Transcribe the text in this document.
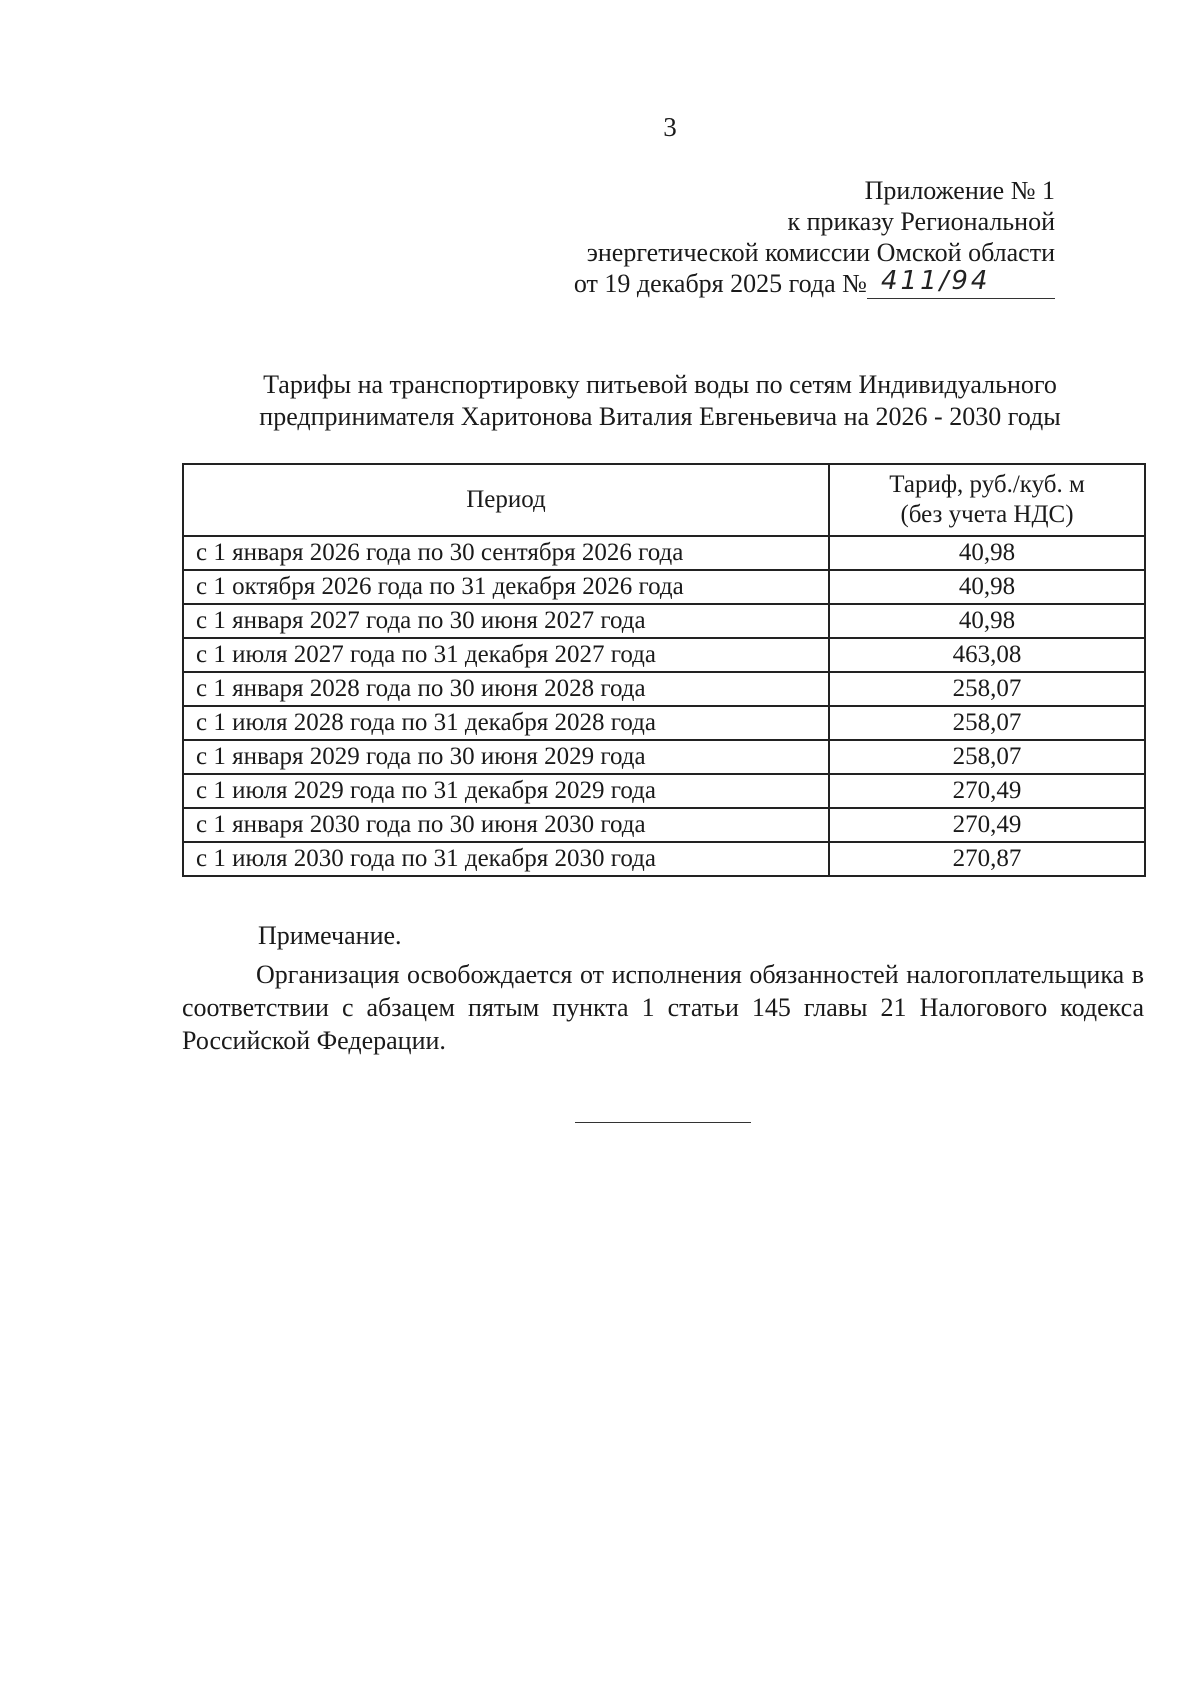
3
Приложение № 1
к приказу Региональной
энергетической комиссии Омской области
от 19 декабря 2025 года № 411/94
Тарифы на транспортировку питьевой воды по сетям Индивидуального
предпринимателя Харитонова Виталия Евгеньевича на 2026 - 2030 годы
Период	Тариф, руб./куб. м
(без учета НДС)

с 1 января 2026 года по 30 сентября 2026 года	40,98
с 1 октября 2026 года по 31 декабря 2026 года	40,98
с 1 января 2027 года по 30 июня 2027 года	40,98
с 1 июля 2027 года по 31 декабря 2027 года	463,08
с 1 января 2028 года по 30 июня 2028 года	258,07
с 1 июля 2028 года по 31 декабря 2028 года	258,07
с 1 января 2029 года по 30 июня 2029 года	258,07
с 1 июля 2029 года по 31 декабря 2029 года	270,49
с 1 января 2030 года по 30 июня 2030 года	270,49
с 1 июля 2030 года по 31 декабря 2030 года	270,87
Примечание.
Организация освобождается от исполнения обязанностей налогоплательщика в соответствии с абзацем пятым пункта 1 статьи 145 главы 21 Налогового кодекса Российской Федерации.
